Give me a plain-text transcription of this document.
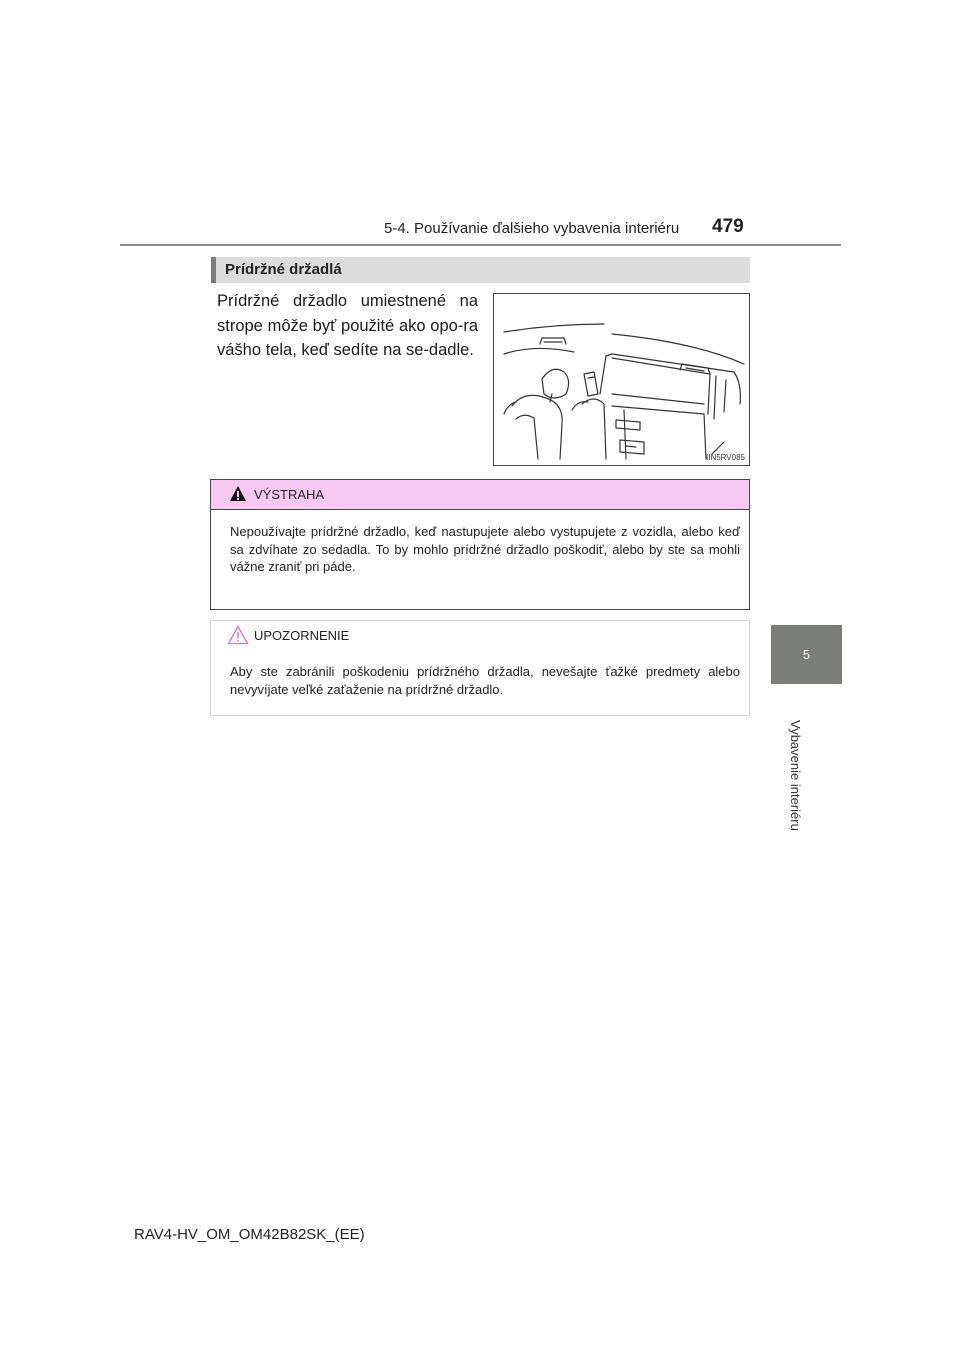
5-4. Používanie ďalšieho vybavenia interiéru 479
5
Vybavenie interiéru
Prídržné držadlá

Prídržné držadlo umiestnené na strope môže byť použité ako opo-ra vášho tela, keď sedíte na se-dadle.

IIN5RV085
VÝSTRAHA

Nepoužívajte prídržné držadlo, keď nastupujete alebo vystupujete z vozidla, alebo keď sa zdvíhate zo sedadla. To by mohlo prídržné držadlo poškodiť, alebo by ste sa mohli vážne zraniť pri páde.

UPOZORNENIE

Aby ste zabránili poškodeniu prídržného držadla, nevešajte ťažké predmety alebo nevyvíjate veľké zaťaženie na prídržné držadlo.

RAV4-HV_OM_OM42B82SK_(EE)
